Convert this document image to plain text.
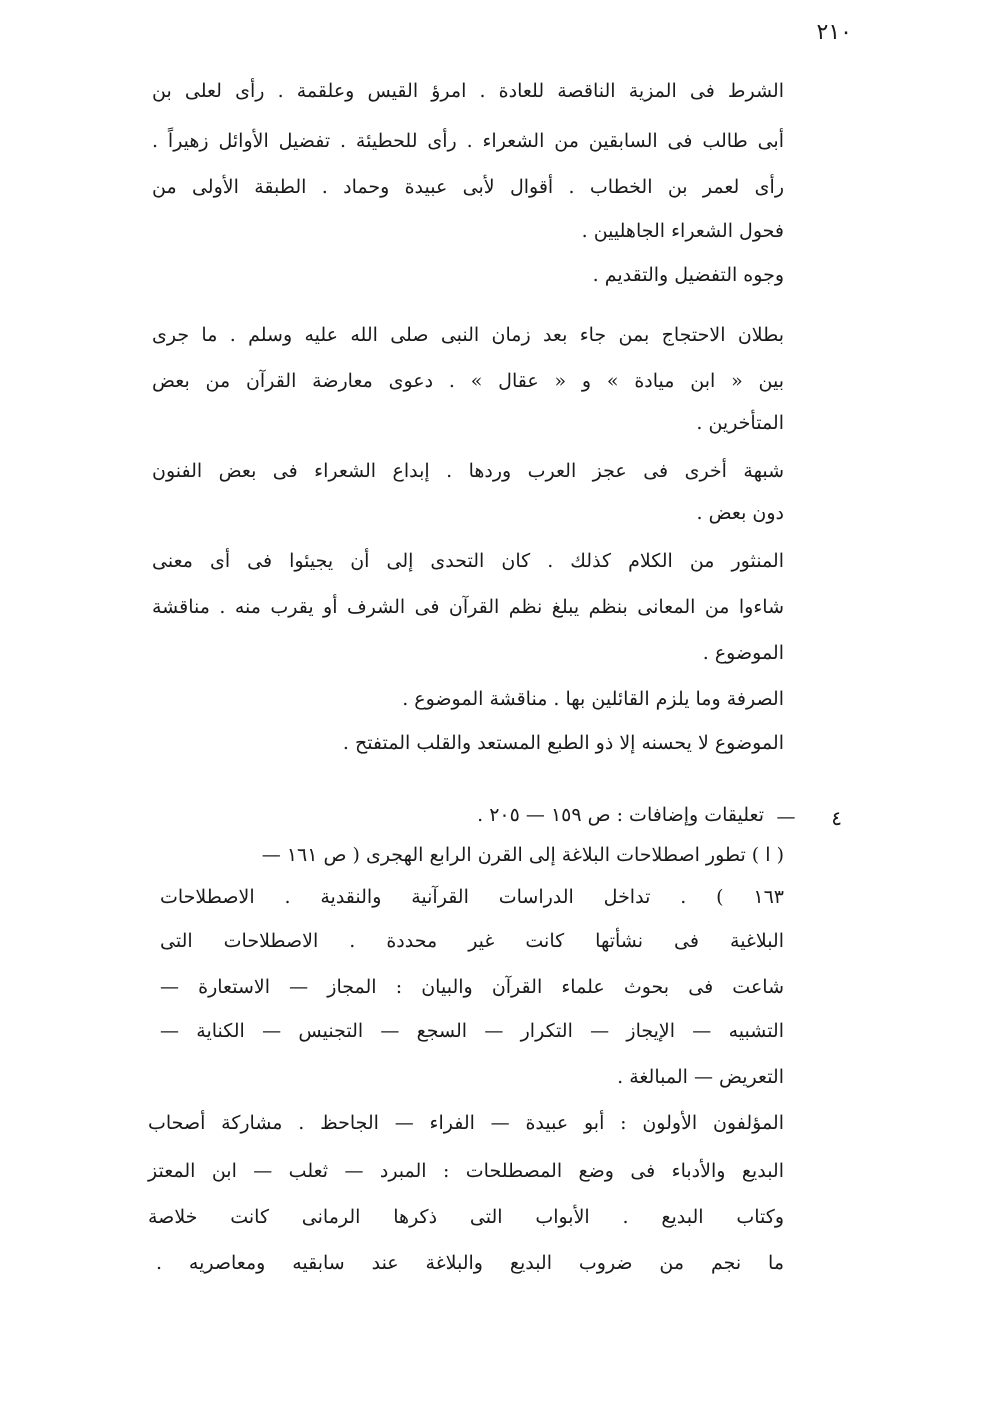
٢١٠
الشرط فى المزية الناقصة للعادة . امرؤ القيس وعلقمة . رأى لعلى بن
أبى طالب فى السابقين من الشعراء . رأى للحطيئة . تفضيل الأوائل زهيراً .
رأى لعمر بن الخطاب . أقوال لأبى عبيدة وحماد . الطبقة الأولى من
فحول الشعراء الجاهليين .
وجوه التفضيل والتقديم .
بطلان الاحتجاج بمن جاء بعد زمان النبى صلى الله عليه وسلم . ما جرى
بين « ابن ميادة » و « عقال » . دعوى معارضة القرآن من بعض
المتأخرين .
شبهة أخرى فى عجز العرب وردها . إبداع الشعراء فى بعض الفنون
دون بعض .
المنثور من الكلام كذلك . كان التحدى إلى أن يجيئوا فى أى معنى
شاءوا من المعانى بنظم يبلغ نظم القرآن فى الشرف أو يقرب منه . مناقشة
الموضوع .
الصرفة وما يلزم القائلين بها . مناقشة الموضوع .
الموضوع لا يحسنه إلا ذو الطبع المستعد والقلب المتفتح .
٤
—
تعليقات وإضافات : ص ١٥٩ — ٢٠٥ .
( ا ) تطور اصطلاحات البلاغة إلى القرن الرابع الهجرى ( ص ١٦١ —
١٦٣ ) . تداخل الدراسات القرآنية والنقدية . الاصطلاحات
البلاغية فى نشأتها كانت غير محددة . الاصطلاحات التى
شاعت فى بحوث علماء القرآن والبيان : المجاز — الاستعارة —
التشبيه — الإيجاز — التكرار — السجع — التجنيس — الكناية —
التعريض — المبالغة .
المؤلفون الأولون : أبو عبيدة — الفراء — الجاحظ . مشاركة أصحاب
البديع والأدباء فى وضع المصطلحات : المبرد — ثعلب — ابن المعتز
وكتاب البديع . الأبواب التى ذكرها الرمانى كانت خلاصة
ما نجم من ضروب البديع والبلاغة عند سابقيه ومعاصريه .
